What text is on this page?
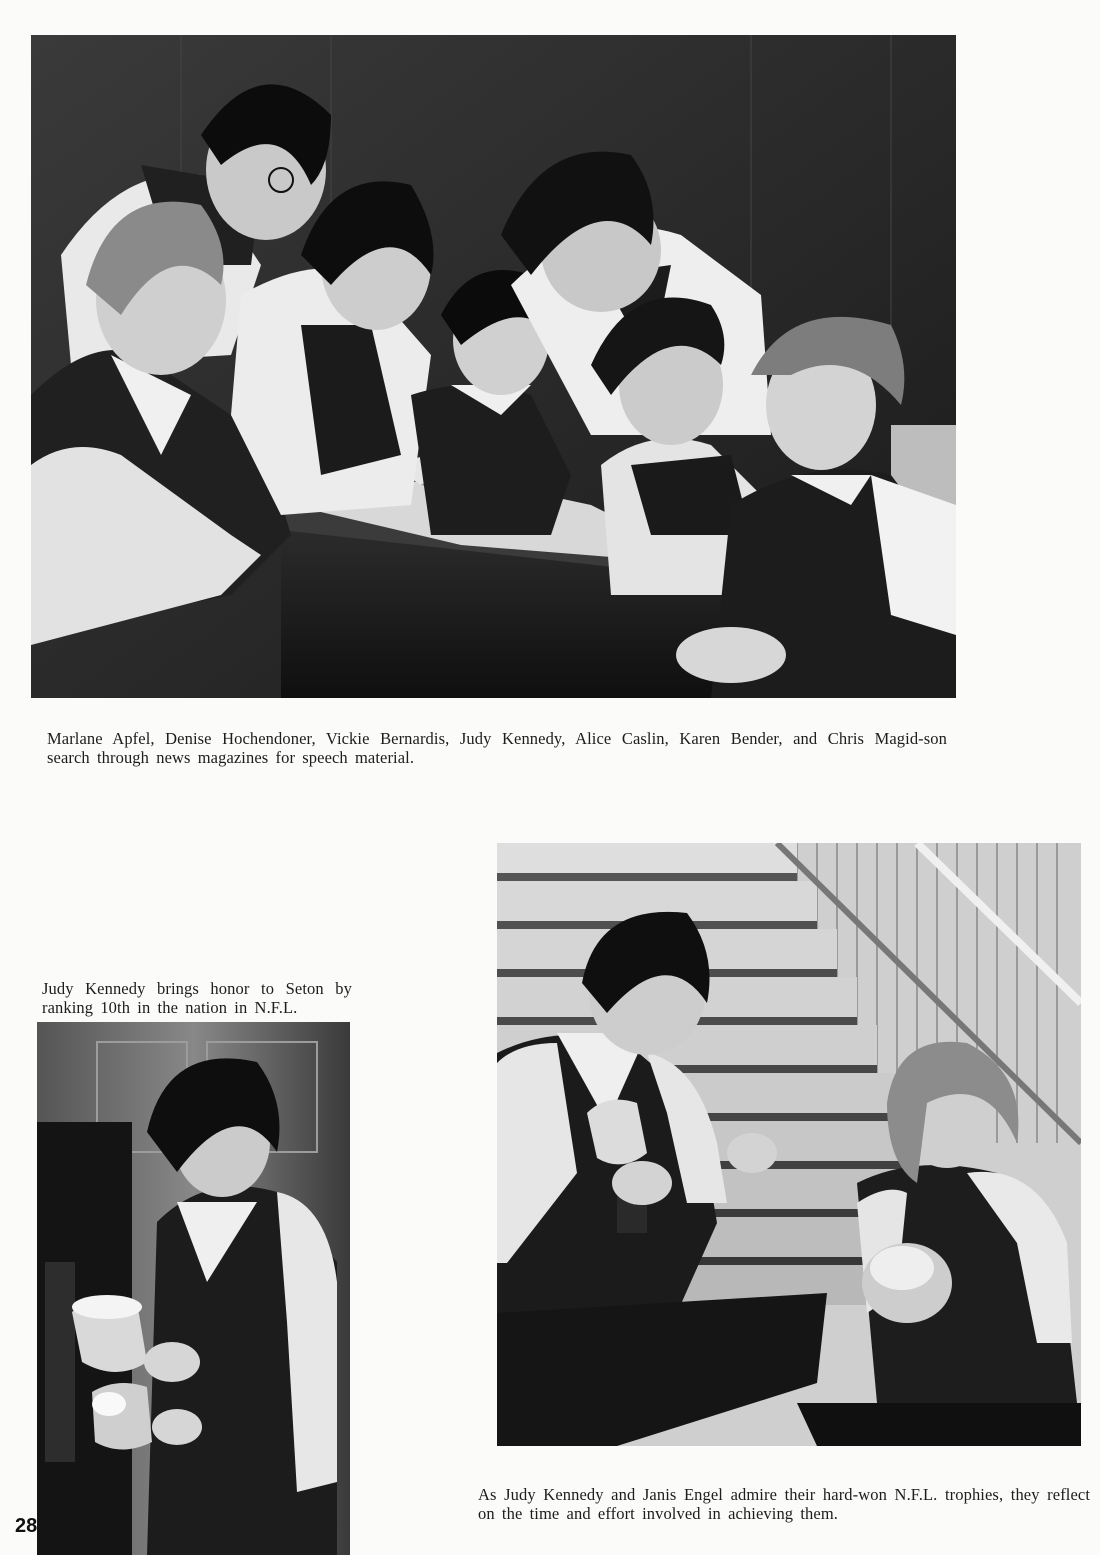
Marlane Apfel, Denise Hochendoner, Vickie Bernardis, Judy Kennedy, Alice Caslin, Karen Bender, and Chris Magid-son search through news magazines for speech material.

Judy Kennedy brings honor to Seton by ranking 10th in the nation in N.F.L.

As Judy Kennedy and Janis Engel admire their hard-won N.F.L. trophies, they reflect on the time and effort involved in achieving them.

28
